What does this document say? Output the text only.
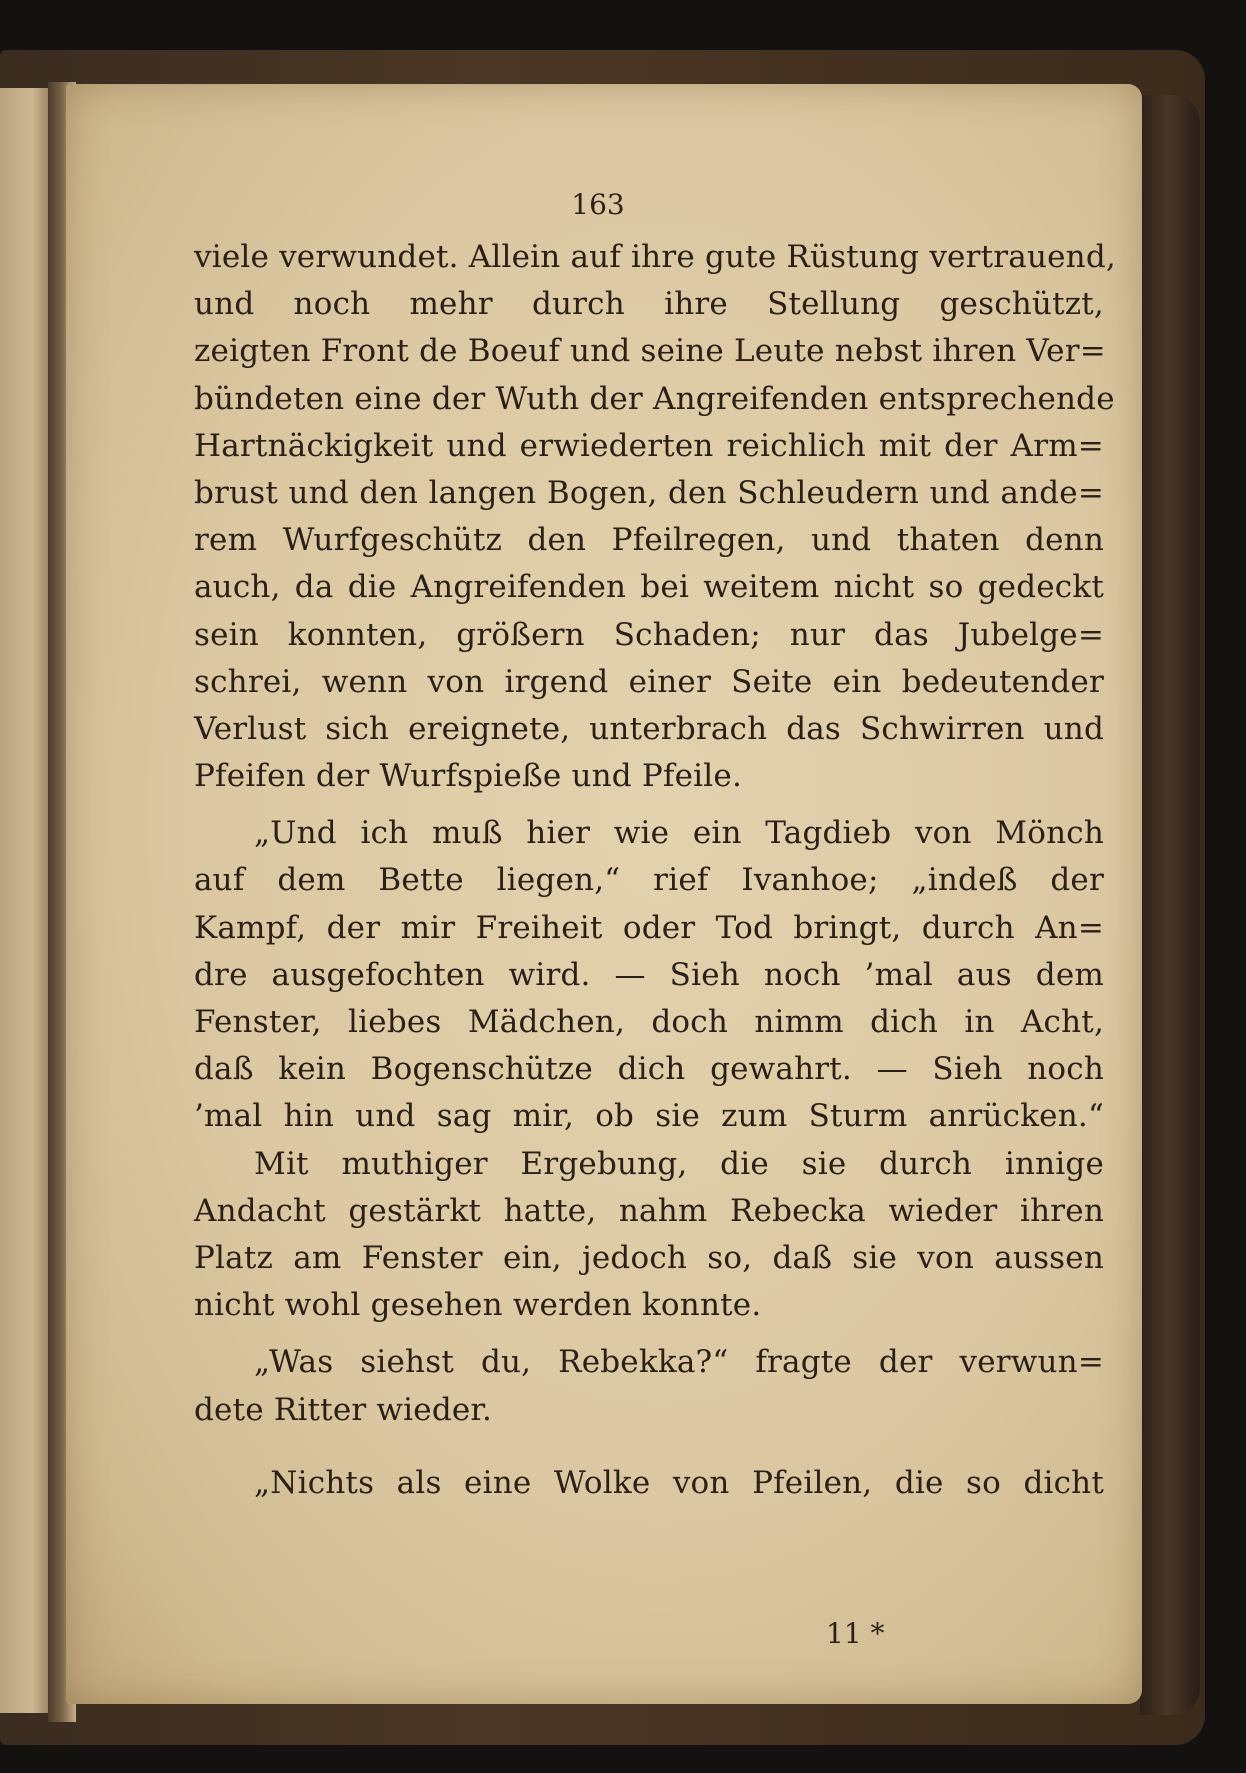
163
viele verwundet. Allein auf ihre gute Rüstung vertrauend,
und noch mehr durch ihre Stellung geschützt,
zeigten Front de Boeuf und seine Leute nebst ihren Ver=
bündeten eine der Wuth der Angreifenden entsprechende
Hartnäckigkeit und erwiederten reichlich mit der Arm=
brust und den langen Bogen, den Schleudern und ande=
rem Wurfgeschütz den Pfeilregen, und thaten denn
auch, da die Angreifenden bei weitem nicht so gedeckt
sein konnten, größern Schaden; nur das Jubelge=
schrei, wenn von irgend einer Seite ein bedeutender
Verlust sich ereignete, unterbrach das Schwirren und
Pfeifen der Wurfspieße und Pfeile.
„Und ich muß hier wie ein Tagdieb von Mönch
auf dem Bette liegen,“ rief Ivanhoe; „indeß der
Kampf, der mir Freiheit oder Tod bringt, durch An=
dre ausgefochten wird. — Sieh noch ’mal aus dem
Fenster, liebes Mädchen, doch nimm dich in Acht,
daß kein Bogenschütze dich gewahrt. — Sieh noch
’mal hin und sag mir, ob sie zum Sturm anrücken.“
Mit muthiger Ergebung, die sie durch innige
Andacht gestärkt hatte, nahm Rebecka wieder ihren
Platz am Fenster ein, jedoch so, daß sie von aussen
nicht wohl gesehen werden konnte.
„Was siehst du, Rebekka?“ fragte der verwun=
dete Ritter wieder.
„Nichts als eine Wolke von Pfeilen, die so dicht
11 *
